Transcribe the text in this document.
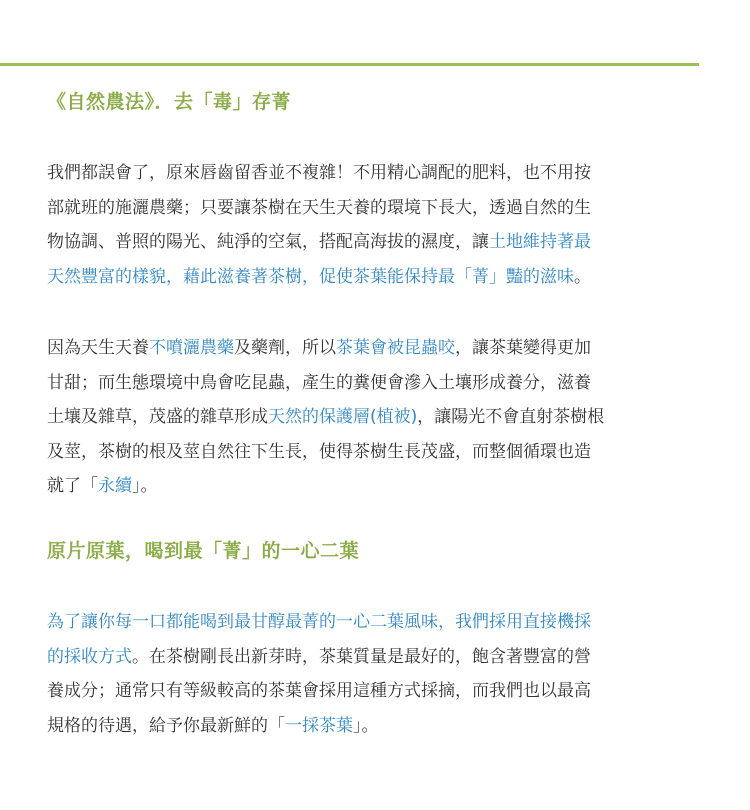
《自然農法》．去「毒」存菁

我們都誤會了，原來唇齒留香並不複雜！不用精心調配的肥料，也不用按
部就班的施灑農藥；只要讓茶樹在天生天養的環境下長大，透過自然的生
物協調、普照的陽光、純淨的空氣，搭配高海拔的濕度，讓土地維持著最
天然豐富的樣貌，藉此滋養著茶樹，促使茶葉能保持最「菁」豔的滋味。

因為天生天養不噴灑農藥及藥劑，所以茶葉會被昆蟲咬，讓茶葉變得更加
甘甜；而生態環境中鳥會吃昆蟲，產生的糞便會滲入土壤形成養分，滋養
土壤及雜草，茂盛的雜草形成天然的保護層(植被)，讓陽光不會直射茶樹根
及莖，茶樹的根及莖自然往下生長，使得茶樹生長茂盛，而整個循環也造
就了「永續」。

原片原葉，喝到最「菁」的一心二葉

為了讓你每一口都能喝到最甘醇最菁的一心二葉風味，我們採用直接機採
的採收方式。在茶樹剛長出新芽時，茶葉質量是最好的，飽含著豐富的營
養成分；通常只有等級較高的茶葉會採用這種方式採摘，而我們也以最高
規格的待遇，給予你最新鮮的「一採茶葉」。
